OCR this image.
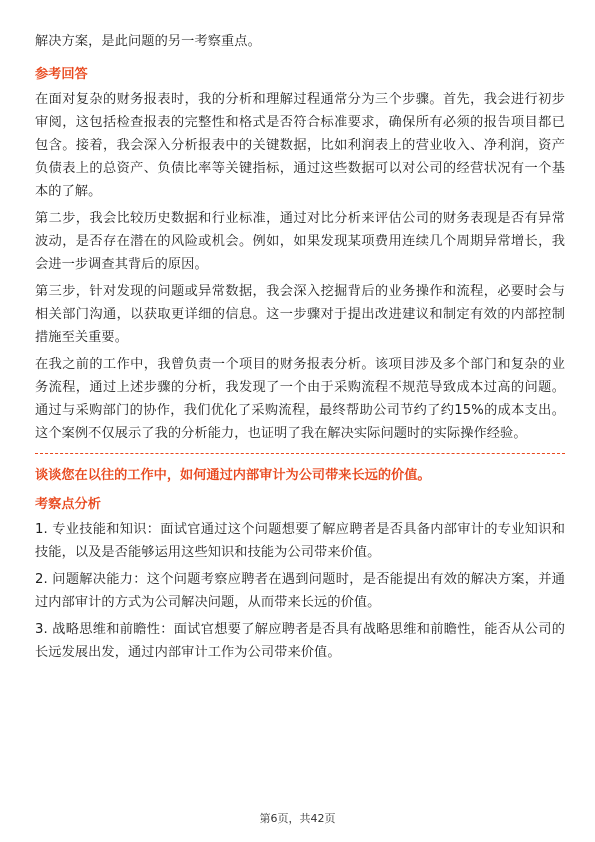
解决方案，是此问题的另一考察重点。

参考回答

在面对复杂的财务报表时，我的分析和理解过程通常分为三个步骤。首先，我会进行初步审阅，这包括检查报表的完整性和格式是否符合标准要求，确保所有必须的报告项目都已包含。接着，我会深入分析报表中的关键数据，比如利润表上的营业收入、净利润，资产负债表上的总资产、负债比率等关键指标，通过这些数据可以对公司的经营状况有一个基本的了解。

第二步，我会比较历史数据和行业标准，通过对比分析来评估公司的财务表现是否有异常波动，是否存在潜在的风险或机会。例如，如果发现某项费用连续几个周期异常增长，我会进一步调查其背后的原因。

第三步，针对发现的问题或异常数据，我会深入挖掘背后的业务操作和流程，必要时会与相关部门沟通，以获取更详细的信息。这一步骤对于提出改进建议和制定有效的内部控制措施至关重要。

在我之前的工作中，我曾负责一个项目的财务报表分析。该项目涉及多个部门和复杂的业务流程，通过上述步骤的分析，我发现了一个由于采购流程不规范导致成本过高的问题。通过与采购部门的协作，我们优化了采购流程，最终帮助公司节约了约15%的成本支出。这个案例不仅展示了我的分析能力，也证明了我在解决实际问题时的实际操作经验。

谈谈您在以往的工作中，如何通过内部审计为公司带来长远的价值。
考察点分析

1. 专业技能和知识：面试官通过这个问题想要了解应聘者是否具备内部审计的专业知识和技能，以及是否能够运用这些知识和技能为公司带来价值。

2. 问题解决能力：这个问题考察应聘者在遇到问题时，是否能提出有效的解决方案，并通过内部审计的方式为公司解决问题，从而带来长远的价值。

3. 战略思维和前瞻性：面试官想要了解应聘者是否具有战略思维和前瞻性，能否从公司的长远发展出发，通过内部审计工作为公司带来价值。

第6页，共42页
